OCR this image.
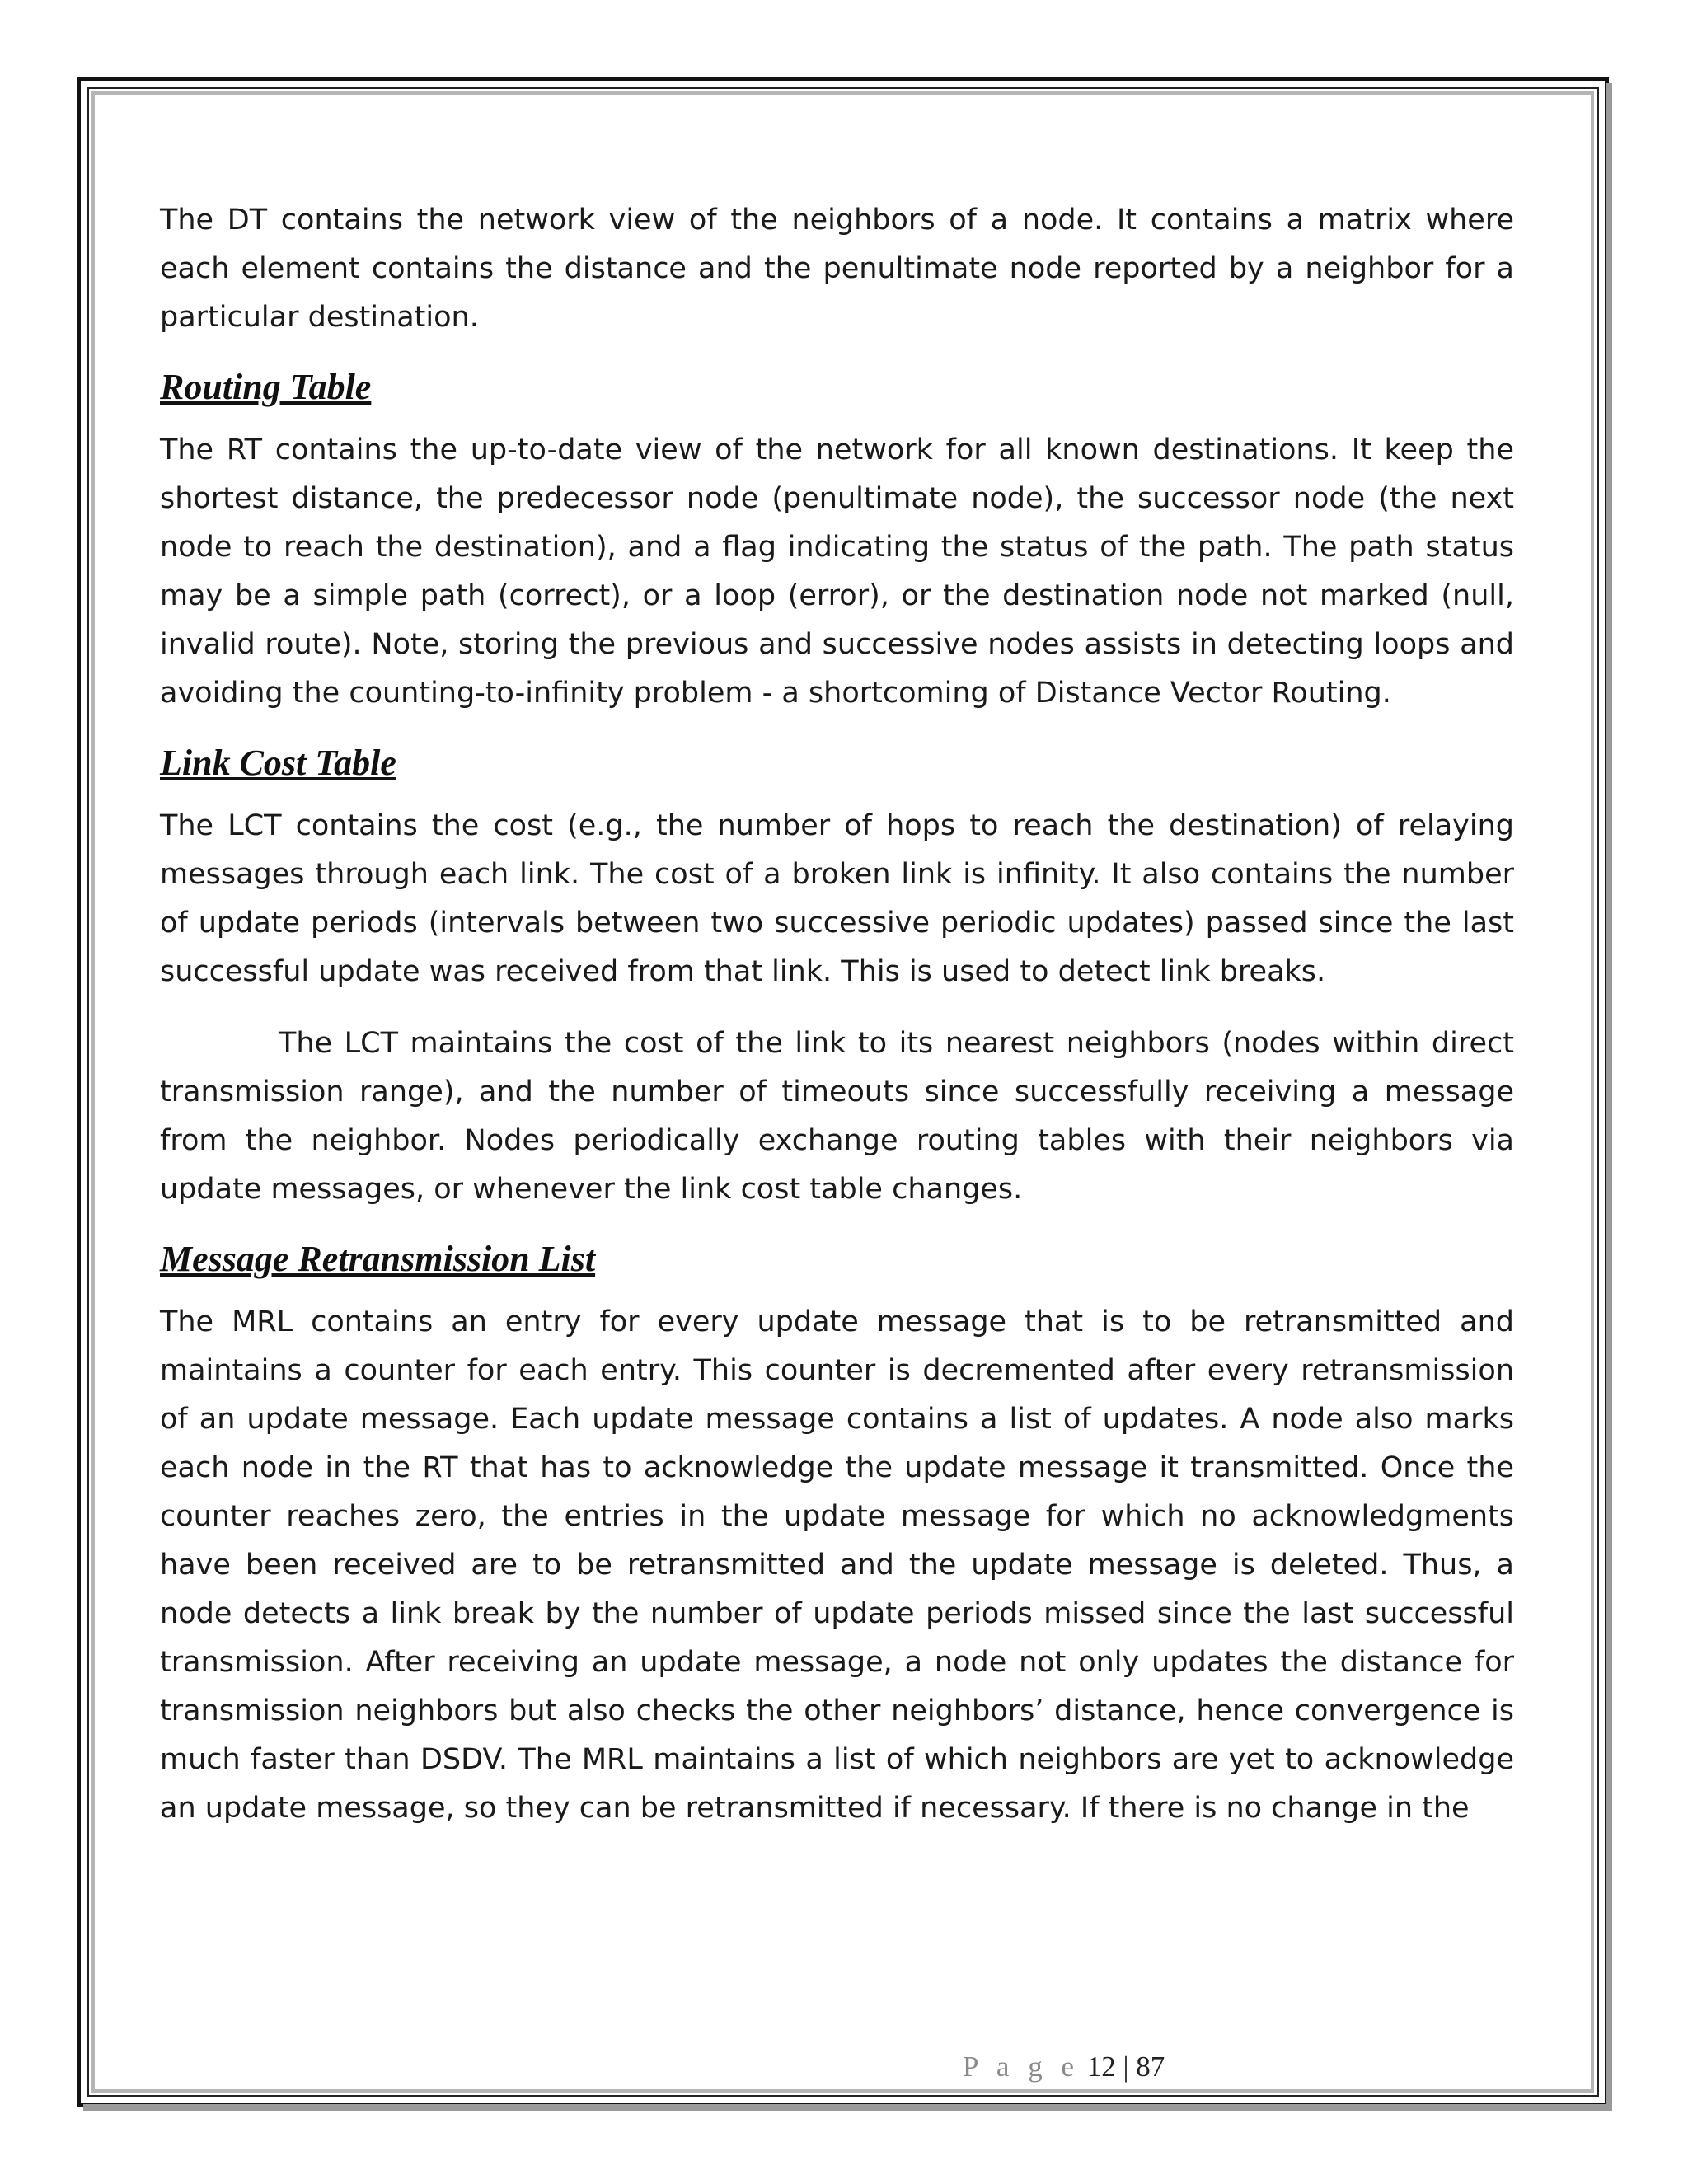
The DT contains the network view of the neighbors of a node. It contains a matrix where each element contains the distance and the penultimate node reported by a neighbor for a particular destination.

Routing Table

The RT contains the up-to-date view of the network for all known destinations. It keep the shortest distance, the predecessor node (penultimate node), the successor node (the next node to reach the destination), and a flag indicating the status of the path. The path status may be a simple path (correct), or a loop (error), or the destination node not marked (null, invalid route). Note, storing the previous and successive nodes assists in detecting loops and avoiding the counting-to-infinity problem - a shortcoming of Distance Vector Routing.

Link Cost Table

The LCT contains the cost (e.g., the number of hops to reach the destination) of relaying messages through each link. The cost of a broken link is infinity. It also contains the number of update periods (intervals between two successive periodic updates) passed since the last successful update was received from that link. This is used to detect link breaks.

The LCT maintains the cost of the link to its nearest neighbors (nodes within direct transmission range), and the number of timeouts since successfully receiving a message from the neighbor. Nodes periodically exchange routing tables with their neighbors via update messages, or whenever the link cost table changes.

Message Retransmission List

The MRL contains an entry for every update message that is to be retransmitted and maintains a counter for each entry. This counter is decremented after every retransmission of an update message. Each update message contains a list of updates. A node also marks each node in the RT that has to acknowledge the update message it transmitted. Once the counter reaches zero, the entries in the update message for which no acknowledgments have been received are to be retransmitted and the update message is deleted. Thus, a node detects a link break by the number of update periods missed since the last successful transmission. After receiving an update message, a node not only updates the distance for transmission neighbors but also checks the other neighbors’ distance, hence convergence is much faster than DSDV. The MRL maintains a list of which neighbors are yet to acknowledge an update message, so they can be retransmitted if necessary. If there is no change in the

P a g e 12 | 87
